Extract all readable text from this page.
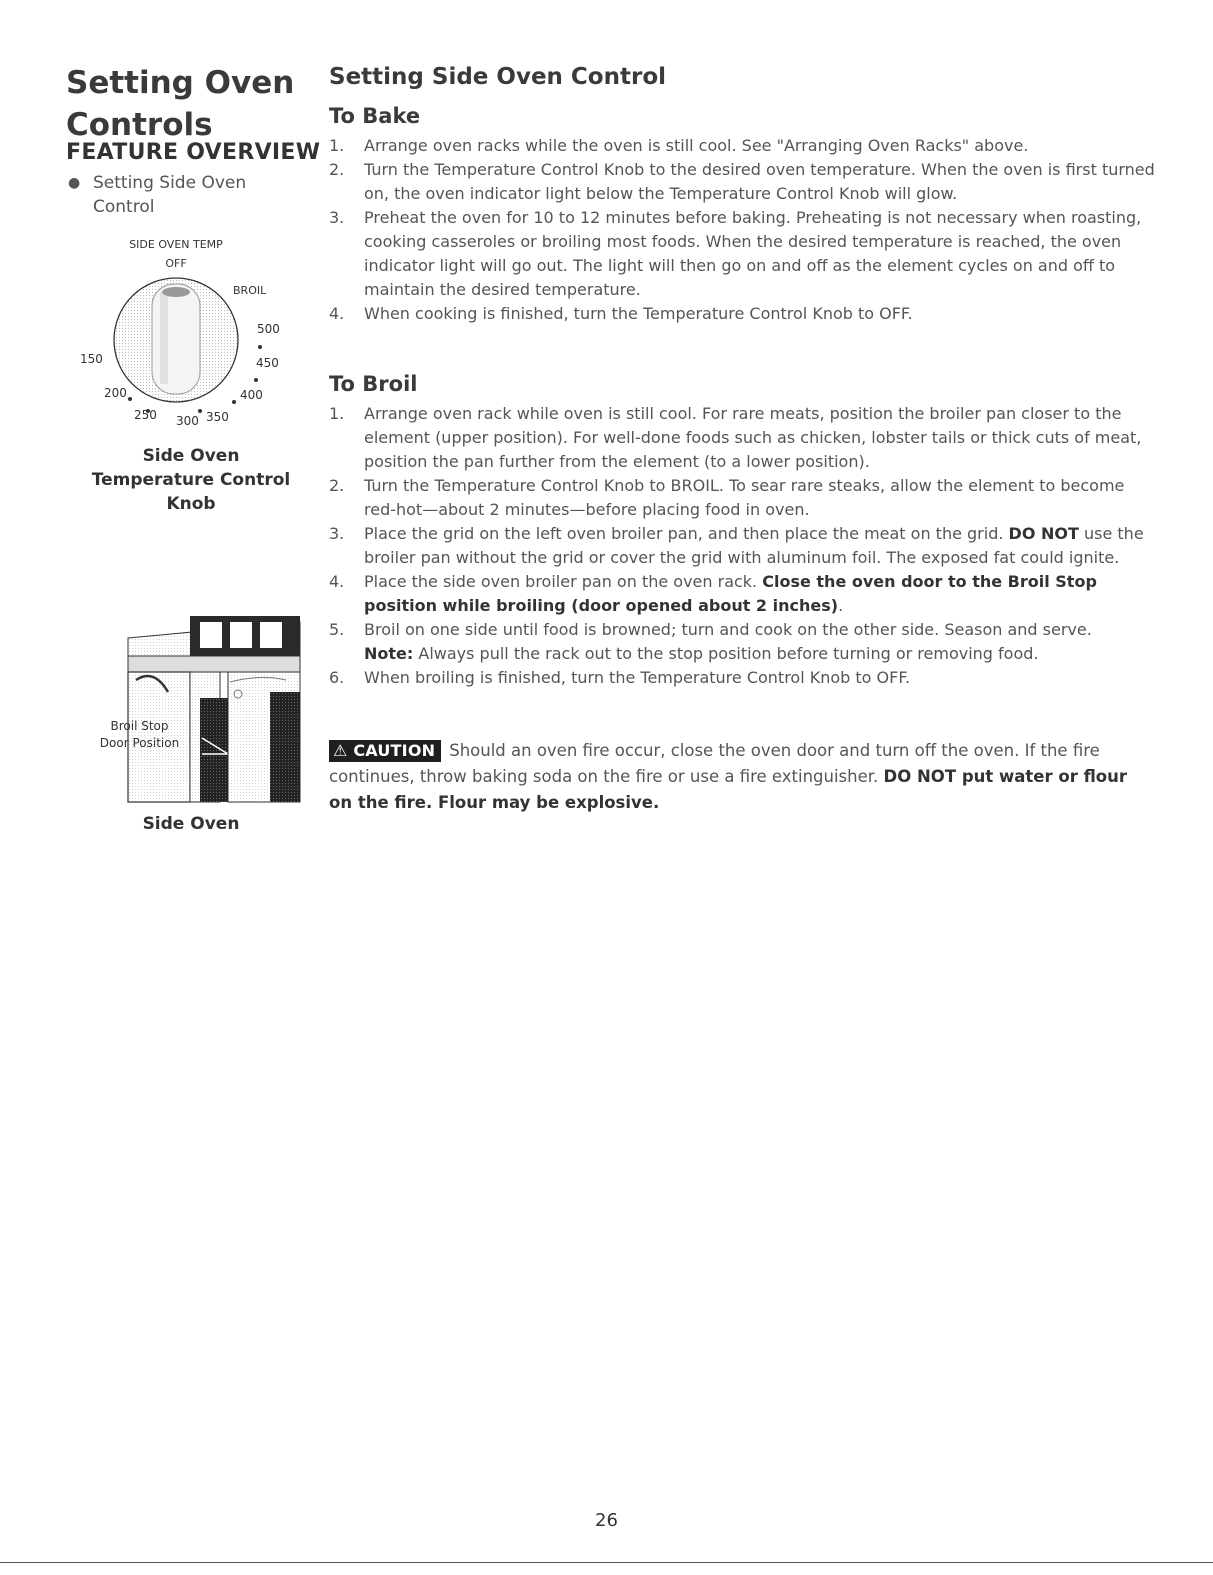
Setting Oven Controls
FEATURE OVERVIEW
● Setting Side Oven Control
SIDE OVEN TEMP
OFF
BROIL
500
450
400
350
300
250
200
150
Side Oven
Temperature Control
Knob
Broil Stop
Door Position
Side Oven
Setting Side Oven Control
To Bake
1. Arrange oven racks while the oven is still cool. See "Arranging Oven Racks" above.
2. Turn the Temperature Control Knob to the desired oven temperature. When the oven is first turned on, the oven indicator light below the Temperature Control Knob will glow.
3. Preheat the oven for 10 to 12 minutes before baking. Preheating is not necessary when roasting, cooking casseroles or broiling most foods. When the desired temperature is reached, the oven indicator light will go out. The light will then go on and off as the element cycles on and off to maintain the desired temperature.
4. When cooking is finished, turn the Temperature Control Knob to OFF.
To Broil
1. Arrange oven rack while oven is still cool. For rare meats, position the broiler pan closer to the element (upper position). For well-done foods such as chicken, lobster tails or thick cuts of meat, position the pan further from the element (to a lower position).
2. Turn the Temperature Control Knob to BROIL. To sear rare steaks, allow the element to become red-hot—about 2 minutes—before placing food in oven.
3. Place the grid on the left oven broiler pan, and then place the meat on the grid. DO NOT use the broiler pan without the grid or cover the grid with aluminum foil. The exposed fat could ignite.
4. Place the side oven broiler pan on the oven rack. Close the oven door to the Broil Stop position while broiling (door opened about 2 inches).
5. Broil on one side until food is browned; turn and cook on the other side. Season and serve.
Note: Always pull the rack out to the stop position before turning or removing food.
6. When broiling is finished, turn the Temperature Control Knob to OFF.
⚠ CAUTION Should an oven fire occur, close the oven door and turn off the oven. If the fire continues, throw baking soda on the fire or use a fire extinguisher. DO NOT put water or flour on the fire. Flour may be explosive.
26
